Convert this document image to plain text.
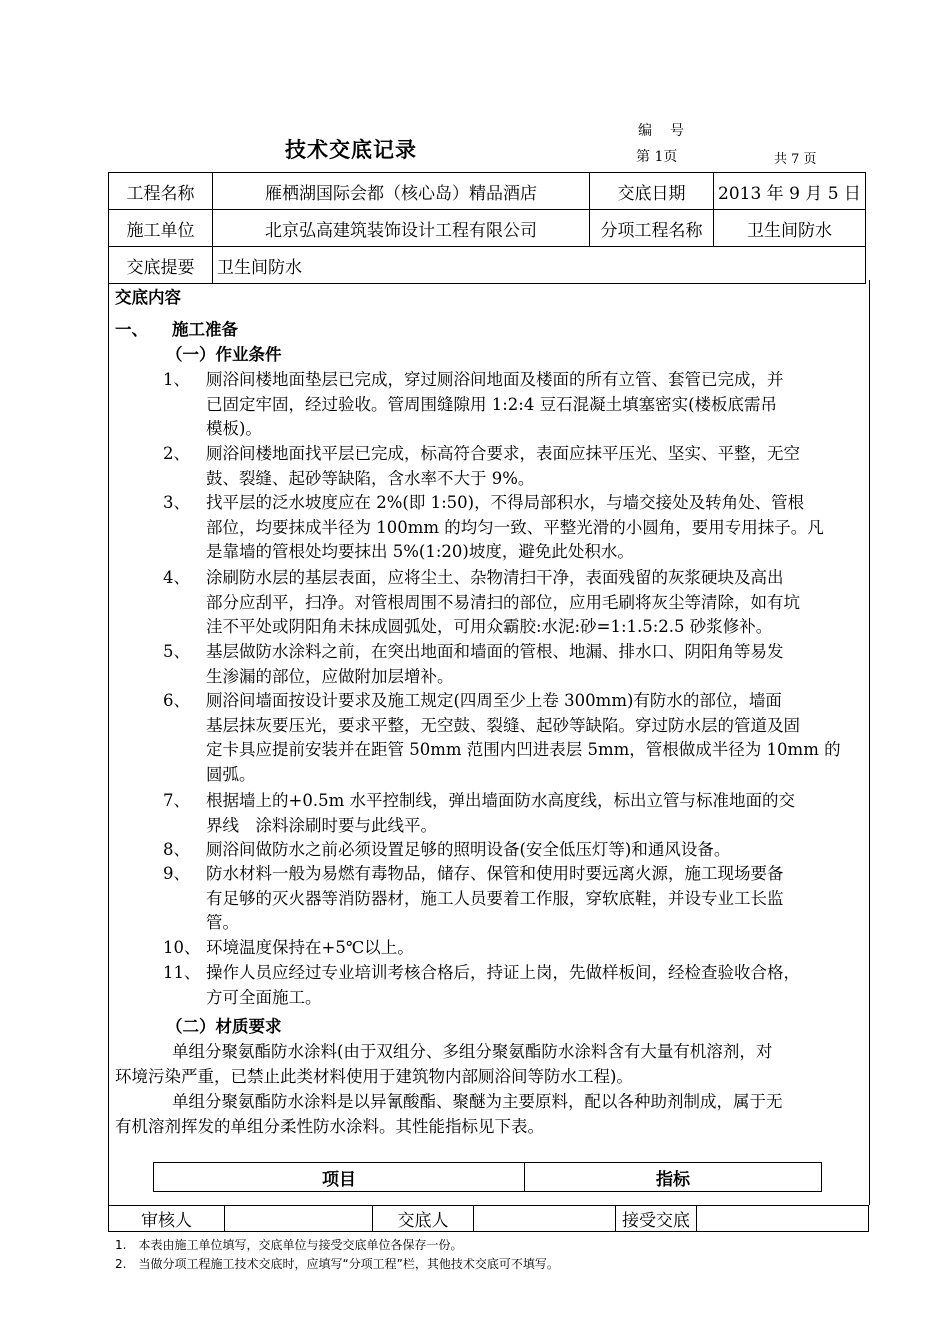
技术交底记录
编号
第 1页	共 7 页
工程名称	雁栖湖国际会都（核心岛）精品酒店	交底日期	2013 年 9 月 5 日
施工单位	北京弘高建筑装饰设计工程有限公司	分项工程名称	卫生间防水
交底提要	卫生间防水		
交底内容
一、 施工准备
（一）作业条件
1、 厕浴间楼地面垫层已完成，穿过厕浴间地面及楼面的所有立管、套管已完成，并
已固定牢固，经过验收。管周围缝隙用 1:2:4 豆石混凝土填塞密实(楼板底需吊
模板)。
2、 厕浴间楼地面找平层已完成，标高符合要求，表面应抹平压光、坚实、平整，无空
鼓、裂缝、起砂等缺陷，含水率不大于 9%。
3、 找平层的泛水坡度应在 2%(即 1:50)，不得局部积水，与墙交接处及转角处、管根
部位，均要抹成半径为 100mm 的均匀一致、平整光滑的小圆角，要用专用抹子。凡
是靠墙的管根处均要抹出 5%(1:20)坡度，避免此处积水。
4、 涂刷防水层的基层表面，应将尘土、杂物清扫干净，表面残留的灰浆硬块及高出
部分应刮平，扫净。对管根周围不易清扫的部位，应用毛刷将灰尘等清除，如有坑
洼不平处或阴阳角未抹成圆弧处，可用众霸胶:水泥:砂=1:1.5:2.5 砂浆修补。
5、 基层做防水涂料之前，在突出地面和墙面的管根、地漏、排水口、阴阳角等易发
生渗漏的部位，应做附加层增补。
6、 厕浴间墙面按设计要求及施工规定(四周至少上卷 300mm)有防水的部位，墙面
基层抹灰要压光，要求平整，无空鼓、裂缝、起砂等缺陷。穿过防水层的管道及固
定卡具应提前安装并在距管 50mm 范围内凹进表层 5mm，管根做成半径为 10mm 的
圆弧。
7、 根据墙上的+0.5m 水平控制线，弹出墙面防水高度线，标出立管与标准地面的交
界线　涂料涂刷时要与此线平。
8、 厕浴间做防水之前必须设置足够的照明设备(安全低压灯等)和通风设备。
9、 防水材料一般为易燃有毒物品，储存、保管和使用时要远离火源，施工现场要备
有足够的灭火器等消防器材，施工人员要着工作服，穿软底鞋，并设专业工长监
管。
10、 环境温度保持在+5℃以上。
11、 操作人员应经过专业培训考核合格后，持证上岗，先做样板间，经检查验收合格，
方可全面施工。
（二）材质要求
单组分聚氨酯防水涂料(由于双组分、多组分聚氨酯防水涂料含有大量有机溶剂，对
环境污染严重，已禁止此类材料使用于建筑物内部厕浴间等防水工程)。
单组分聚氨酯防水涂料是以异氰酸酯、聚醚为主要原料，配以各种助剂制成，属于无
有机溶剂挥发的单组分柔性防水涂料。其性能指标见下表。
项目	指标
审核人		交底人		接受交底	
1.　本表由施工单位填写，交底单位与接受交底单位各保存一份。
2.　当做分项工程施工技术交底时，应填写“分项工程”栏，其他技术交底可不填写。
